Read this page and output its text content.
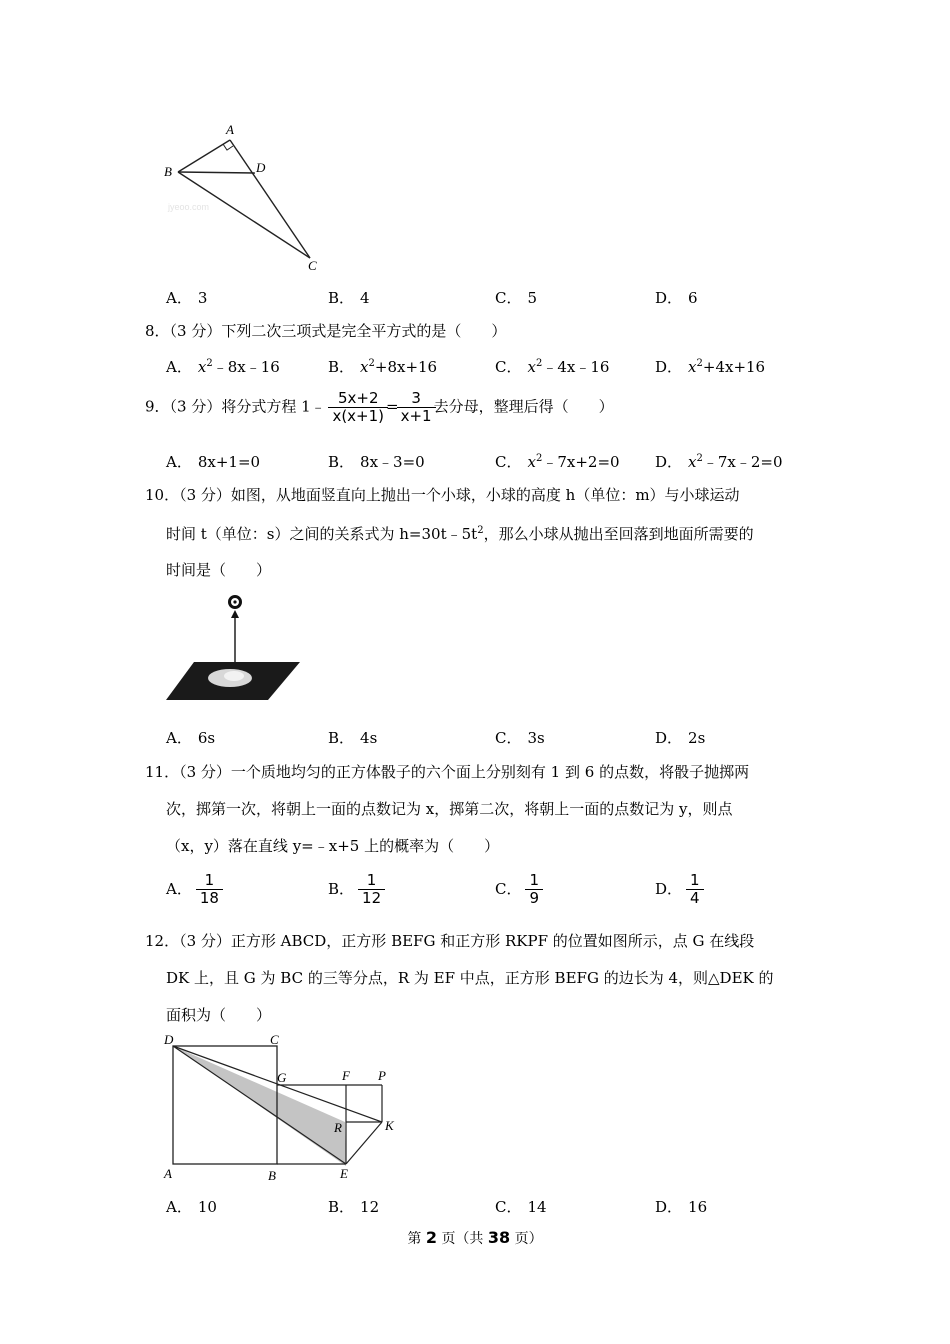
A
B	D
C
jyeoo.com
A． 3	B． 4	C． 5	D． 6
8．（3 分）下列二次三项式是完全平方式的是（　　）
A． $x^2﹣8x﹣16$	B． $x^2+8x+16$	C． $x^2﹣4x﹣16$	D． $x^2+4x+16$
9．（3 分）将分式方程 1﹣ $\frac{5x+2}{x(x+1)} = \frac{3}{x+1}$ 去分母，整理后得（　　）
A． 8x+1=0	B． 8x﹣3=0	C． $x^2﹣7x+2=0$ D． $x^2﹣7x﹣2=0$
10．（3 分）如图，从地面竖直向上抛出一个小球，小球的高度 h（单位：m）与小球运动
时间 t（单位：s）之间的关系式为 $h=30t﹣5t^2$，那么小球从抛出至回落到地面所需要的
时间是（　　）
A． 6s	B． 4s	C． 3s	D． 2s
11．（3 分）一个质地均匀的正方体骰子的六个面上分别刻有 1 到 6 的点数，将骰子抛掷两
次，掷第一次，将朝上一面的点数记为 x，掷第二次，将朝上一面的点数记为 y，则点
（x，y）落在直线 y=﹣x+5 上的概率为（　　）
A． $\frac{1}{18}$	B． $\frac{1}{12}$	C． $\frac{1}{9}$	D． $\frac{1}{4}$
12．（3 分）正方形 ABCD，正方形 BEFG 和正方形 RKPF 的位置如图所示，点 G 在线段
DK 上，且 G 为 BC 的三等分点，R 为 EF 中点，正方形 BEFG 的边长为 4，则△DEK 的
面积为（　　）
D	C
G	F P
R	K
A	B	E
A． 10	B． 12	C． 14	D． 16
第 2 页（共 38 页）
